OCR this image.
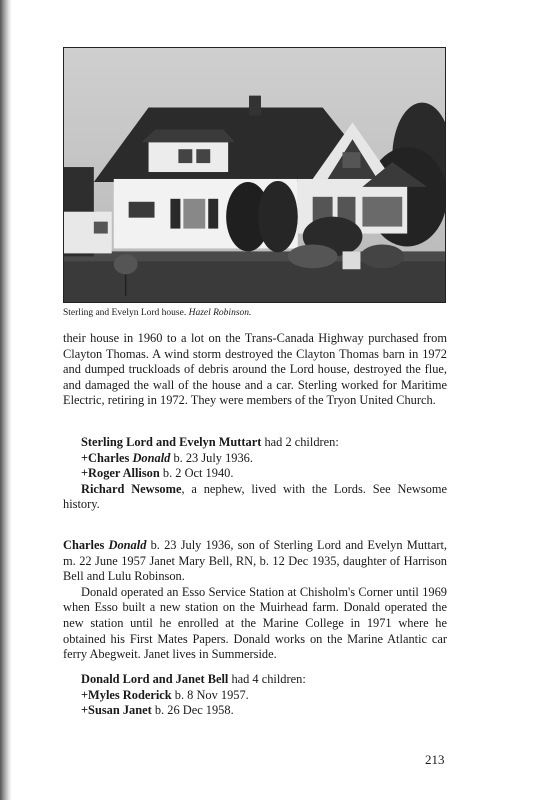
Sterling and Evelyn Lord house. Hazel Robinson.

their house in 1960 to a lot on the Trans-Canada Highway purchased from Clayton Thomas. A wind storm destroyed the Clayton Thomas barn in 1972 and dumped truckloads of debris around the Lord house, destroyed the flue, and damaged the wall of the house and a car. Sterling worked for Maritime Electric, retiring in 1972. They were members of the Tryon United Church.

Sterling Lord and Evelyn Muttart had 2 children:
+Charles Donald b. 23 July 1936.
+Roger Allison b. 2 Oct 1940.

Richard Newsome, a nephew, lived with the Lords. See Newsome history.

Charles Donald b. 23 July 1936, son of Sterling Lord and Evelyn Muttart, m. 22 June 1957 Janet Mary Bell, RN, b. 12 Dec 1935, daughter of Harrison Bell and Lulu Robinson.

Donald operated an Esso Service Station at Chisholm's Corner until 1969 when Esso built a new station on the Muirhead farm. Donald operated the new station until he enrolled at the Marine College in 1971 where he obtained his First Mates Papers. Donald works on the Marine Atlantic car ferry Abegweit. Janet lives in Summerside.

Donald Lord and Janet Bell had 4 children:
+Myles Roderick b. 8 Nov 1957.
+Susan Janet b. 26 Dec 1958.
213
